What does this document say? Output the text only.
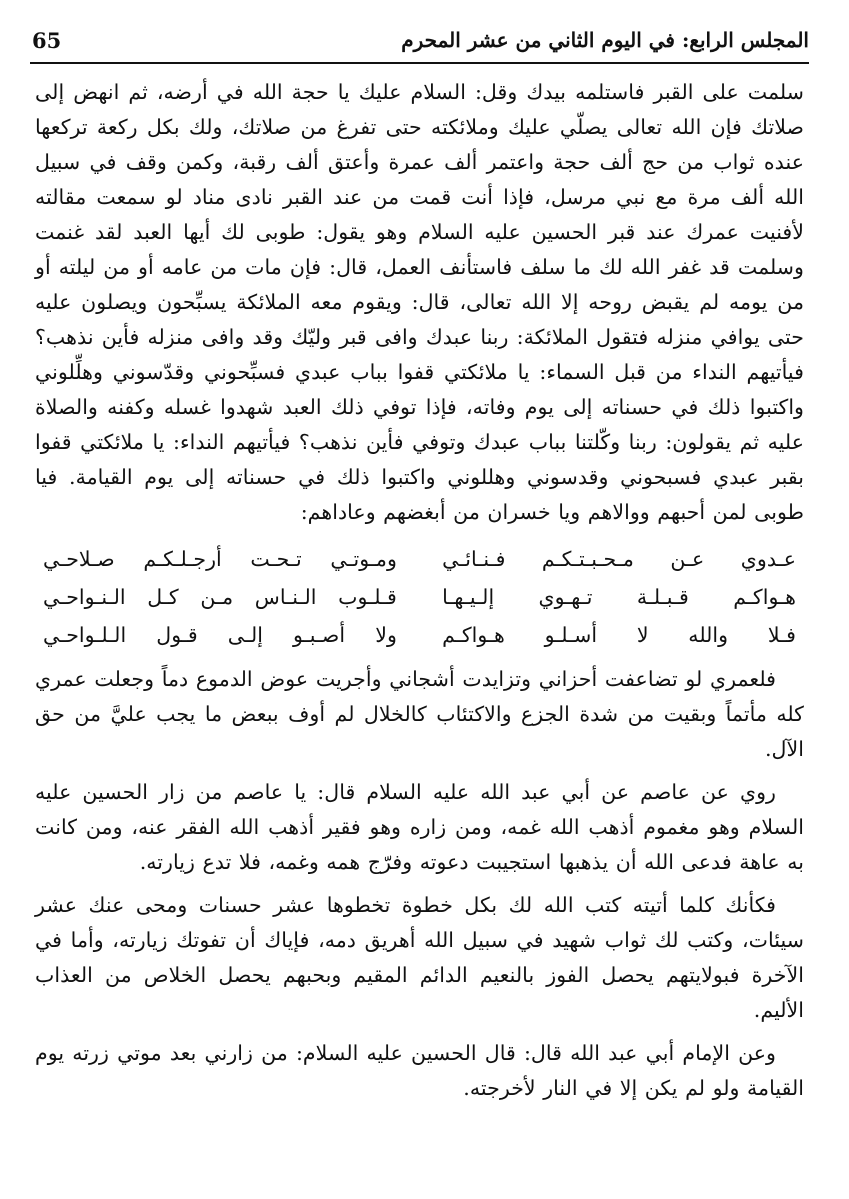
المجلس الرابع: في اليوم الثاني من عشر المحرم
65

سلمت على القبر فاستلمه بيدك وقل: السلام عليك يا حجة الله في أرضه، ثم انهض إلى صلاتك فإن الله تعالى يصلّي عليك وملائكته حتى تفرغ من صلاتك، ولك بكل ركعة تركعها عنده ثواب من حج ألف حجة واعتمر ألف عمرة وأعتق ألف رقبة، وكمن وقف في سبيل الله ألف مرة مع نبي مرسل، فإذا أنت قمت من عند القبر نادى مناد لو سمعت مقالته لأفنيت عمرك عند قبر الحسين عليه السلام وهو يقول: طوبى لك أيها العبد لقد غنمت وسلمت قد غفر الله لك ما سلف فاستأنف العمل، قال: فإن مات من عامه أو من ليلته أو من يومه لم يقبض روحه إلا الله تعالى، قال: ويقوم معه الملائكة يسبِّحون ويصلون عليه حتى يوافي منزله فتقول الملائكة: ربنا عبدك وافى قبر وليّك وقد وافى منزله فأين نذهب؟ فيأتيهم النداء من قبل السماء: يا ملائكتي قفوا بباب عبدي فسبِّحوني وقدّسوني وهلِّلوني واكتبوا ذلك في حسناته إلى يوم وفاته، فإذا توفي ذلك العبد شهدوا غسله وكفنه والصلاة عليه ثم يقولون: ربنا وكّلتنا بباب عبدك وتوفي فأين نذهب؟ فيأتيهم النداء: يا ملائكتي قفوا بقبر عبدي فسبحوني وقدسوني وهللوني واكتبوا ذلك في حسناته إلى يوم القيامة. فيا طوبى لمن أحبهم ووالاهم ويا خسران من أبغضهم وعاداهم:

عـدوي عـن مـحـبـتـكـم فـنـائـي
ومـوتـي تـحـت أرجـلـكـم صـلاحـي
هـواكـم قـبـلـة تـهـوي إلـيـهـا
قـلـوب الـنـاس مـن كـل الـنـواحـي
فـلا والله لا أسـلـو هـواكـم
ولا أصـبـو إلـى قـول الـلـواحـي

فلعمري لو تضاعفت أحزاني وتزايدت أشجاني وأجريت عوض الدموع دماً وجعلت عمري كله مأتماً وبقيت من شدة الجزع والاكتئاب كالخلال لم أوف ببعض ما يجب عليَّ من حق الآل.

روي عن عاصم عن أبي عبد الله عليه السلام قال: يا عاصم من زار الحسين عليه السلام وهو مغموم أذهب الله غمه، ومن زاره وهو فقير أذهب الله الفقر عنه، ومن كانت به عاهة فدعى الله أن يذهبها استجيبت دعوته وفرّج همه وغمه، فلا تدع زيارته.

فكأنك كلما أتيته كتب الله لك بكل خطوة تخطوها عشر حسنات ومحى عنك عشر سيئات، وكتب لك ثواب شهيد في سبيل الله أهريق دمه، فإياك أن تفوتك زيارته، وأما في الآخرة فبولايتهم يحصل الفوز بالنعيم الدائم المقيم وبحبهم يحصل الخلاص من العذاب الأليم.

وعن الإمام أبي عبد الله قال: قال الحسين عليه السلام: من زارني بعد موتي زرته يوم القيامة ولو لم يكن إلا في النار لأخرجته.
